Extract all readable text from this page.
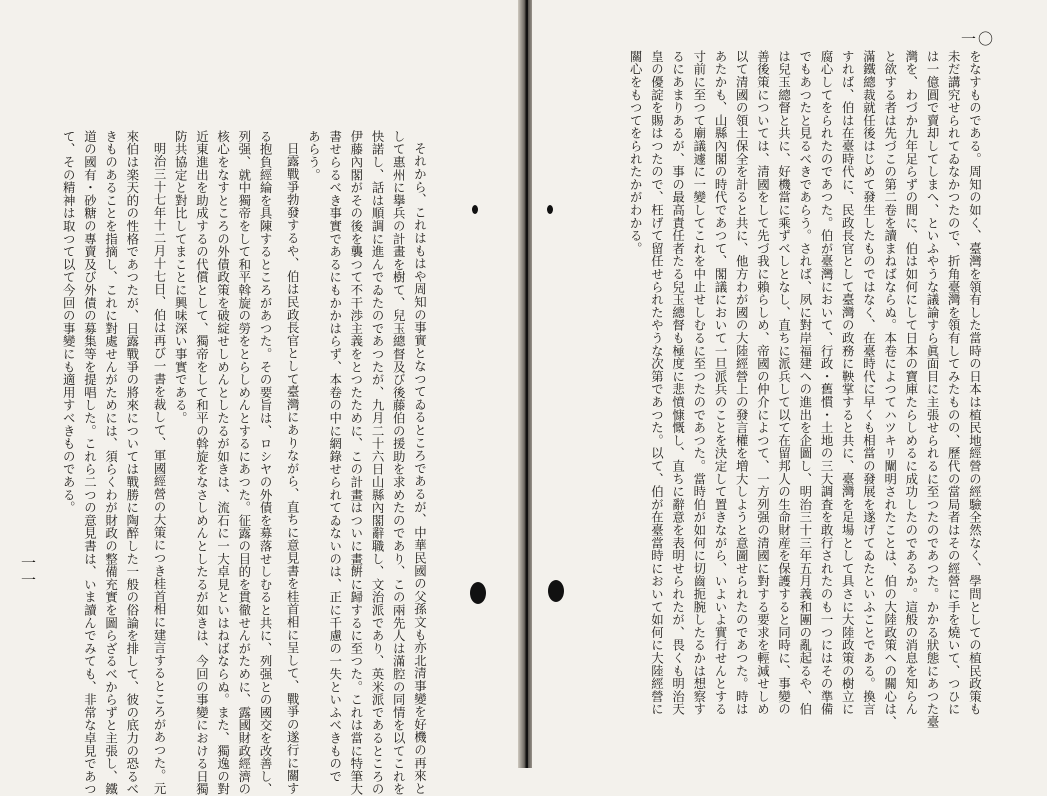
一一	それから、これはもはや周知の事實となつてゐるところであるが、中華民國の父孫文も亦北清事變を好機の再來と

して惠州に擧兵の計畫を樹て、兒玉總督及び後藤伯の援助を求めたのであり、この兩先人は滿腔の同情を以てこれを

快諾し、話は順調に進んでゐたのであつたが、九月二十六日山縣內閣辭職し、文治派であり、英米派であるところの

伊藤內閣がその後を襲つて不干渉主義をとつたために、この計畫はついに畫餠に歸するに至つた。これは當に特筆大

書せらるべき事實であるにもかかはらず、本卷の中に網錄せられてゐないのは、正に千慮の一失といふべきもので

あらう。

日露戰爭勃發するや、伯は民政長官として臺灣にありながら、直ちに意見書を桂首相に呈して、戰爭の遂行に關す

る抱負經綸を具陳するところがあつた。その要旨は、ロシヤの外債を募落せしむると共に、列强との國交を改善し、

列强、就中獨帝をして和平斡旋の勞をとらしめんとするにあつた。征露の目的を貫徹せんがために、露國財政經濟の

核心をなすところの外債政策を破綻せしめんとしたるが如きは、流石に一大卓見といはねばならぬ。また、獨逸の對

近東進出を助成するの代償として、獨帝をして和平の斡旋をなさしめんとしたるが如きは、今回の事變における日獨

防共協定と對比してまことに興味深い事實である。

明治三十七年十二月十七日、伯は再び一書を裁して、軍國經營の大策につき桂首相に建言するところがあつた。元

來伯は楽天的の性格であつたが、日露戰爭の將來については戰勝に陶醉した一般の俗論を排して、彼の底力の恐るべ

きものあることを指摘し、これに對處せんがためには、須らくわが財政の整備充實を圖らざるべからずと主張し、鐵

道の國有・砂糖の專賣及び外債の募集等を提唱した。これら二つの意見書は、いま讀んでみても、非常な卓見であつ

て、その精神は取つて以て今回の事變にも適用すべきものである。

一〇

をなすものである。周知の如く、臺灣を領有した當時の日本は植民地經營の經驗全然なく、學問としての植民政策も

未だ講究せられてゐなかつたので、折角臺灣を領有してみたものの、歷代の當局者はその經營に手を燒いて、つひに

は一億圓で賣却してしまへ、といふやうな議論すら眞面目に主張せられるに至つたのであつた。かかる狀態にあつた臺

灣を、わづか九年足らずの間に、伯は如何にして日本の寶庫たらしめるに成功したのであるか。這般の消息を知らん

と欲する者は先づこの第二卷を讀まねばならぬ。本卷によつてハツキリ闡明されたことは、伯の大陸政策への關心は、

滿鐵總裁就任後はじめて發生したものではなく、在臺時代に早くも相當の發展を遂げてゐたといふことである。換言

すれば、伯は在臺時代に、民政長官として臺灣の政務に鞅掌すると共に、臺灣を足場として具さに大陸政策の樹立に

腐心してをられたのであつた。伯が臺灣において、行政・舊慣・土地の三大調査を敢行されたのも一つにはその準備

でもあつたと見るべきであらう。されば、夙に對岸福建への進出を企圖し、明治三十三年五月義和團の亂起るや、伯

は兒玉總督と共に、好機當に乘ずべしとなし、直ちに派兵して以て在留邦人の生命財産を保護すると同時に、事變の

善後策については、清國をして先づ我に賴らしめ、帝國の仲介によつて、一方列强の清國に對する要求を輕減せしめ

以て清國の領土保全を計ると共に、他方わが國の大陸經營上の發言權を増大しようと意圖せられたのであつた。時は

あたかも、山縣內閣の時代であつて、閣議において一旦派兵のことを決定して置きながら、いよいよ實行せんとする

寸前に至つて廟議遽に一變してこれを中止せしむるに至つたのであつた。當時伯が如何に切齒扼腕したるかは想察す

るにあまりあるが、事の最高責任者たる兒玉總督も極度に悲憤慷慨し、直ちに辭意を表明せられたが、畏くも明治天

皇の優諚を賜はつたので、枉げて留任せられたやうな次第であつた。以て、伯が在臺當時において如何に大陸經營に

關心をもつてをられたかがわかる。
